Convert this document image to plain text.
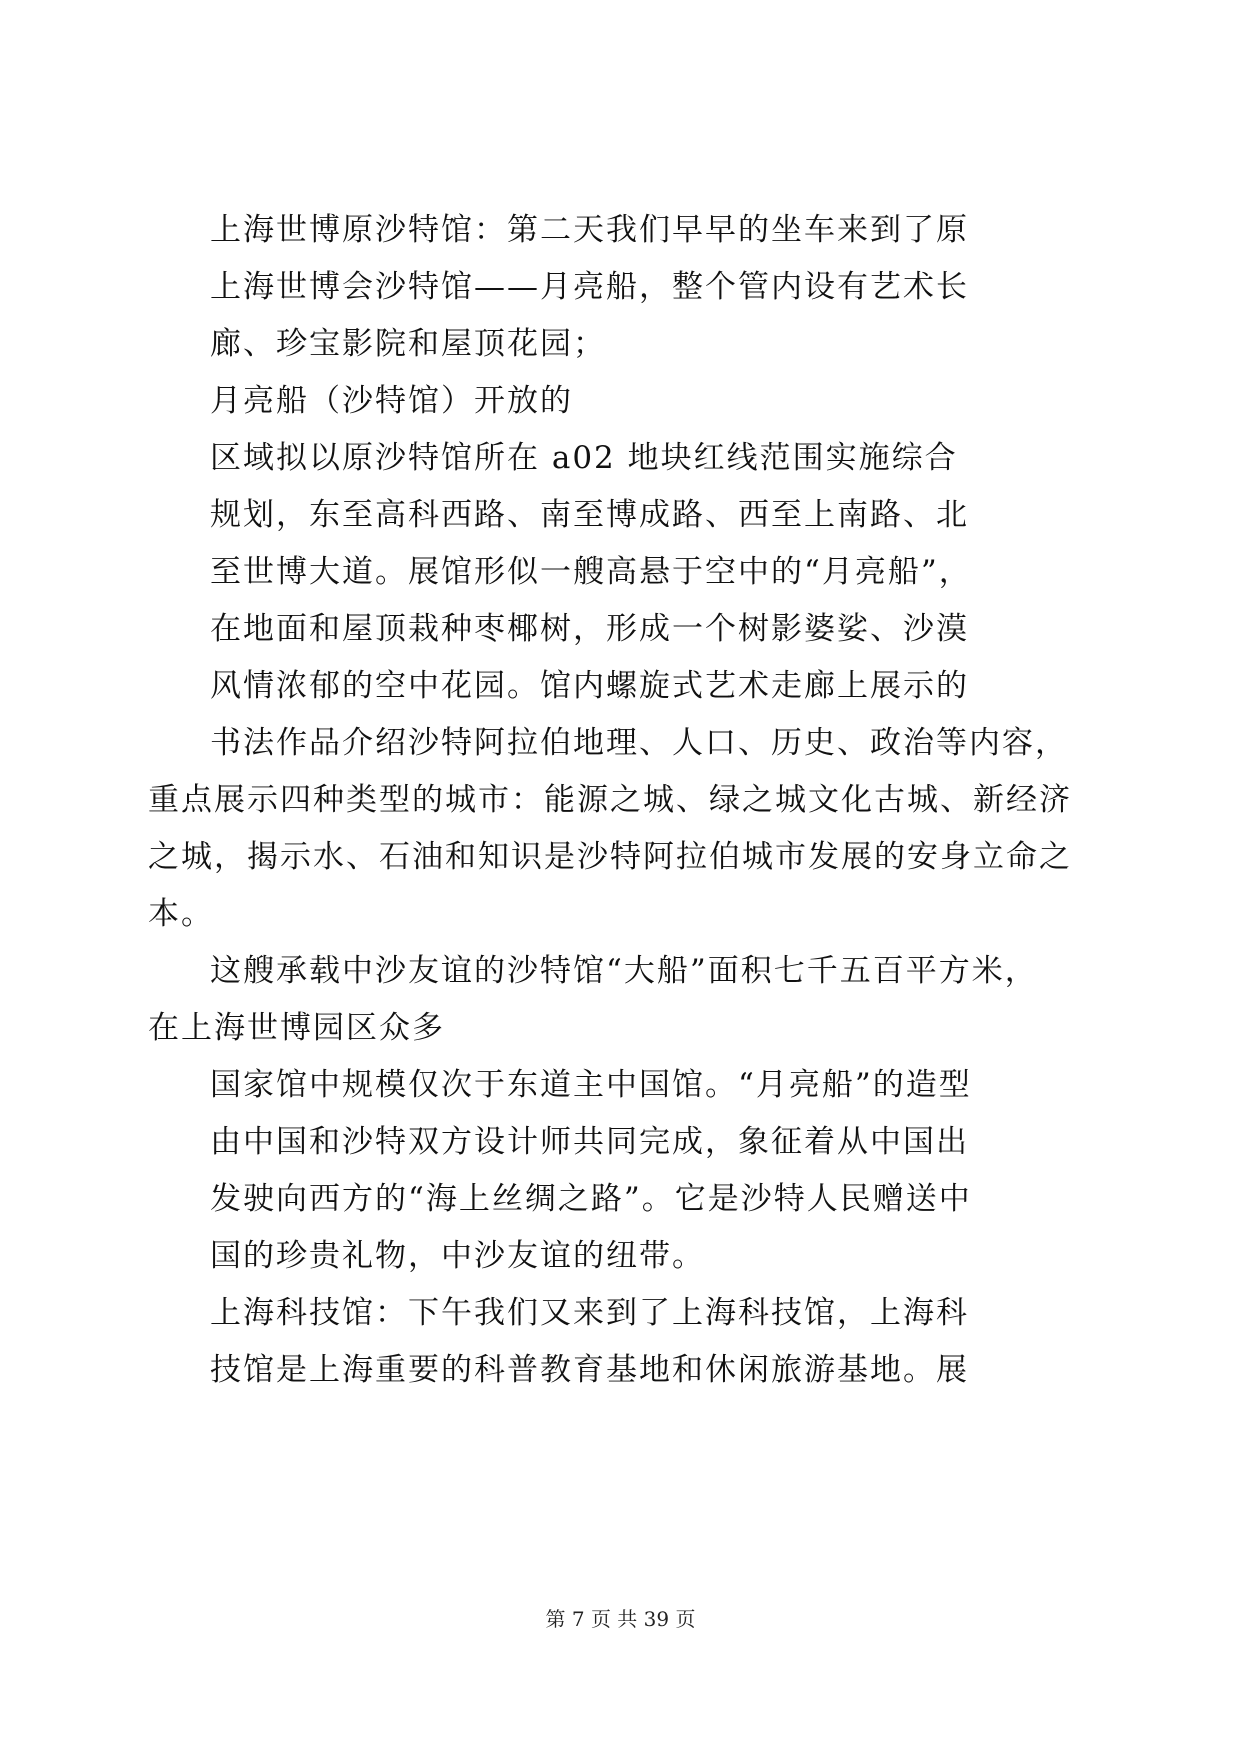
上海世博原沙特馆：第二天我们早早的坐车来到了原
上海世博会沙特馆——月亮船，整个管内设有艺术长
廊、珍宝影院和屋顶花园；
月亮船（沙特馆）开放的
区域拟以原沙特馆所在 a02 地块红线范围实施综合
规划，东至高科西路、南至博成路、西至上南路、北
至世博大道。展馆形似一艘高悬于空中的“月亮船”，
在地面和屋顶栽种枣椰树，形成一个树影婆娑、沙漠
风情浓郁的空中花园。馆内螺旋式艺术走廊上展示的
书法作品介绍沙特阿拉伯地理、人口、历史、政治等内容，
重点展示四种类型的城市：能源之城、绿之城文化古城、新经济
之城，揭示水、石油和知识是沙特阿拉伯城市发展的安身立命之
本。
这艘承载中沙友谊的沙特馆“大船”面积七千五百平方米，
在上海世博园区众多
国家馆中规模仅次于东道主中国馆。“月亮船”的造型
由中国和沙特双方设计师共同完成，象征着从中国出
发驶向西方的“海上丝绸之路”。它是沙特人民赠送中
国的珍贵礼物，中沙友谊的纽带。
上海科技馆：下午我们又来到了上海科技馆，上海科
技馆是上海重要的科普教育基地和休闲旅游基地。展
第 7 页 共 39 页
